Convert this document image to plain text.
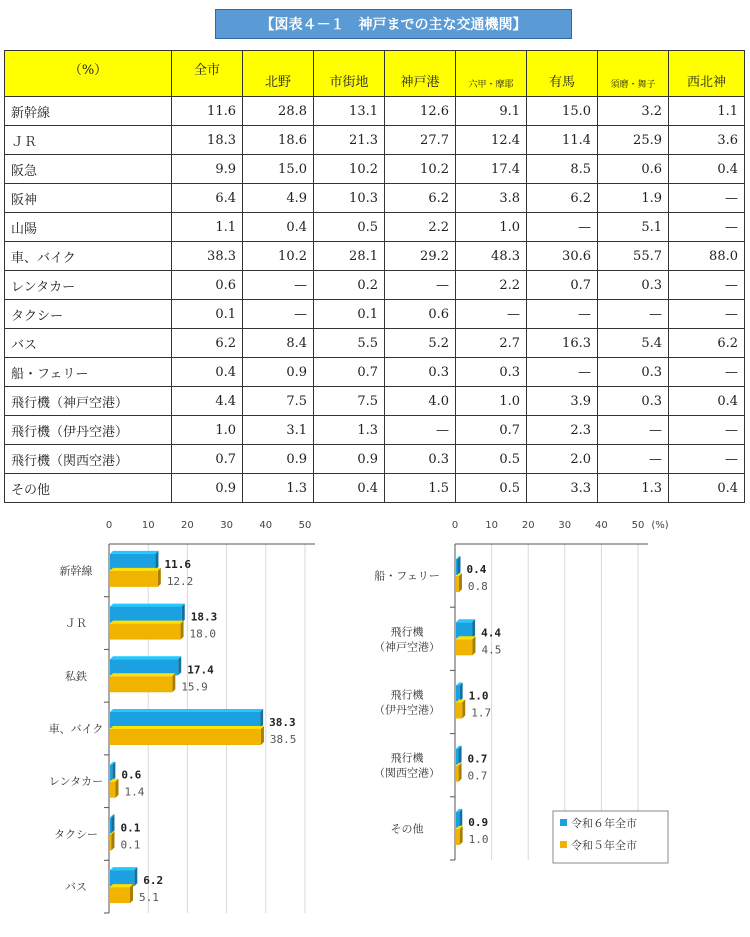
【図表４－１　神戸までの主な交通機関】
（%）	全市	北野	市街地	神戸港	六甲・摩耶	有馬	須磨・舞子	西北神
新幹線	11.6	28.8	13.1	12.6	9.1	15.0	3.2	1.1
ＪＲ	18.3	18.6	21.3	27.7	12.4	11.4	25.9	3.6
阪急	9.9	15.0	10.2	10.2	17.4	8.5	0.6	0.4
阪神	6.4	4.9	10.3	6.2	3.8	6.2	1.9	—
山陽	1.1	0.4	0.5	2.2	1.0	—	5.1	—
車、バイク	38.3	10.2	28.1	29.2	48.3	30.6	55.7	88.0
レンタカー	0.6	—	0.2	—	2.2	0.7	0.3	—
タクシー	0.1	—	0.1	0.6	—	—	—	—
バス	6.2	8.4	5.5	5.2	2.7	16.3	5.4	6.2
船・フェリー	0.4	0.9	0.7	0.3	0.3	—	0.3	—
飛行機（神戸空港）	4.4	7.5	7.5	4.0	1.0	3.9	0.3	0.4
飛行機（伊丹空港）	1.0	3.1	1.3	—	0.7	2.3	—	—
飛行機（関西空港）	0.7	0.9	0.9	0.3	0.5	2.0	—	—
その他	0.9	1.3	0.4	1.5	0.5	3.3	1.3	0.4
0	10	20	30	40	50
新幹線	11.6
12.2
ＪＲ	18.3
18.0
私鉄	17.4
15.9
車、バイク	38.3
38.5
レンタカー 0.6
1.4
タクシー 0.1
0.1
バス	6.2
5.1
0	10 20 30 40 50 (%)
船・フェリー 0.4
0.8
飛行機
（神戸空港）
4.4
4.5
飛行機
（伊丹空港）
1.0
1.7
飛行機
（関西空港）
0.7
0.7
その他	0.9
1.0
令和６年全市
令和５年全市
